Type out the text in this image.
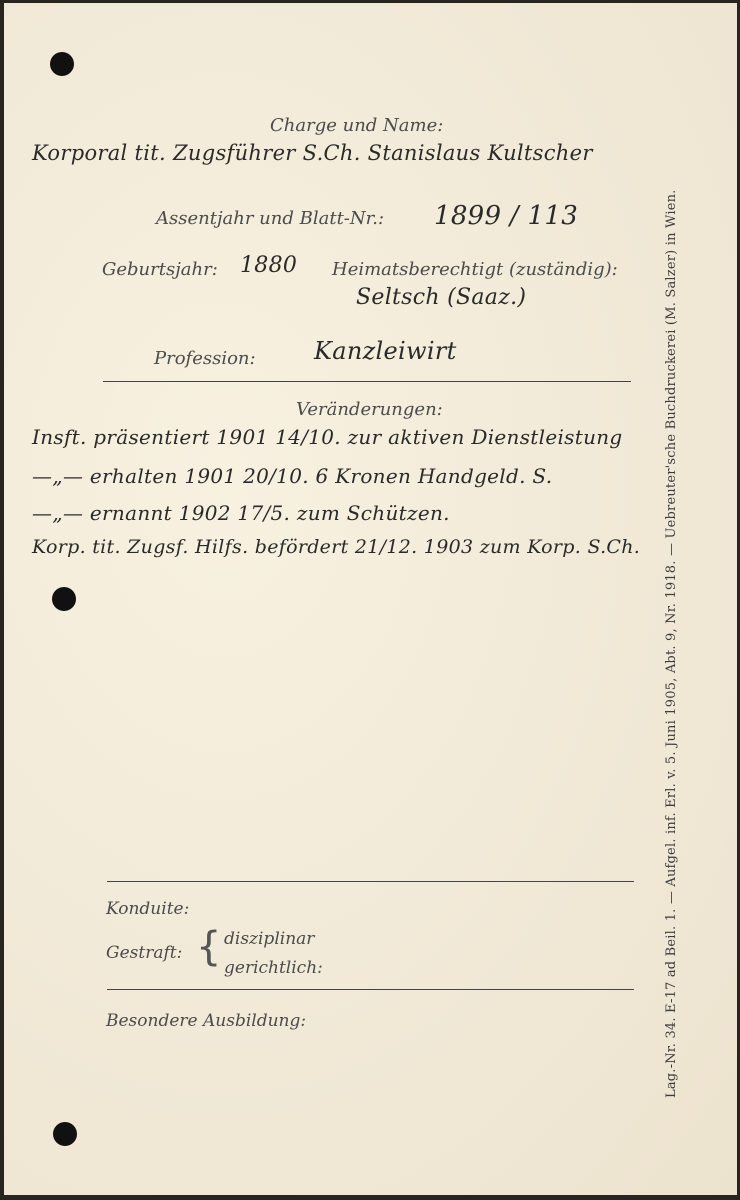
Charge und Name:
Korporal tit. Zugsführer S.Ch. Stanislaus Kultscher
Assentjahr und Blatt-Nr.: 1899 / 113
Geburtsjahr: 1880 Heimatsberechtigt (zuständig):
Seltsch (Saaz.)
Profession: Kanzleiwirt
Veränderungen:
Insft. präsentiert 1901 14/10. zur aktiven Dienstleistung
—„— erhalten 1901 20/10. 6 Kronen Handgeld. S.
—„— ernannt 1902 17/5. zum Schützen.
Korp. tit. Zugsf. Hilfs. befördert 21/12. 1903 zum Korp. S.Ch.
Konduite:
Gestraft: { disziplinar
gerichtlich:
Besondere Ausbildung:	Lag.-Nr. 34. E-17 ad Beil. 1. — Aufgel. inf. Erl. v. 5. Juni 1905, Abt. 9, Nr. 1918. — Uebreuter'sche Buchdruckerei (M. Salzer) in Wien.
